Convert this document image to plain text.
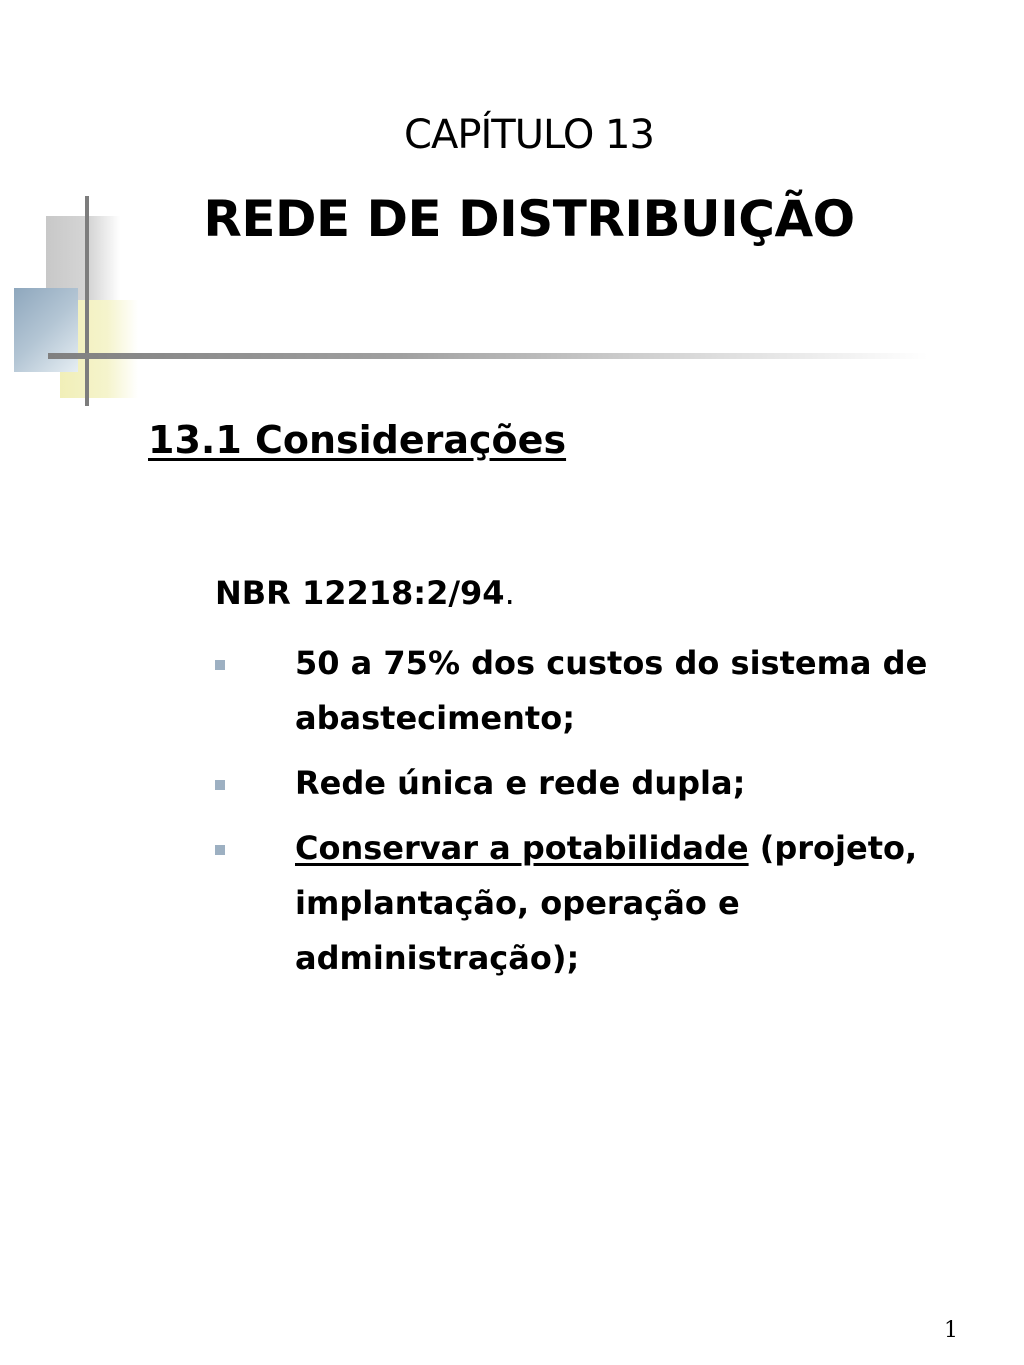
CAPÍTULO 13
REDE DE DISTRIBUIÇÃO
13.1 Considerações
NBR 12218:2/94.
50 a 75% dos custos do sistema de abastecimento;
Rede única e rede dupla;
Conservar a potabilidade (projeto, implantação, operação e administração);
1
